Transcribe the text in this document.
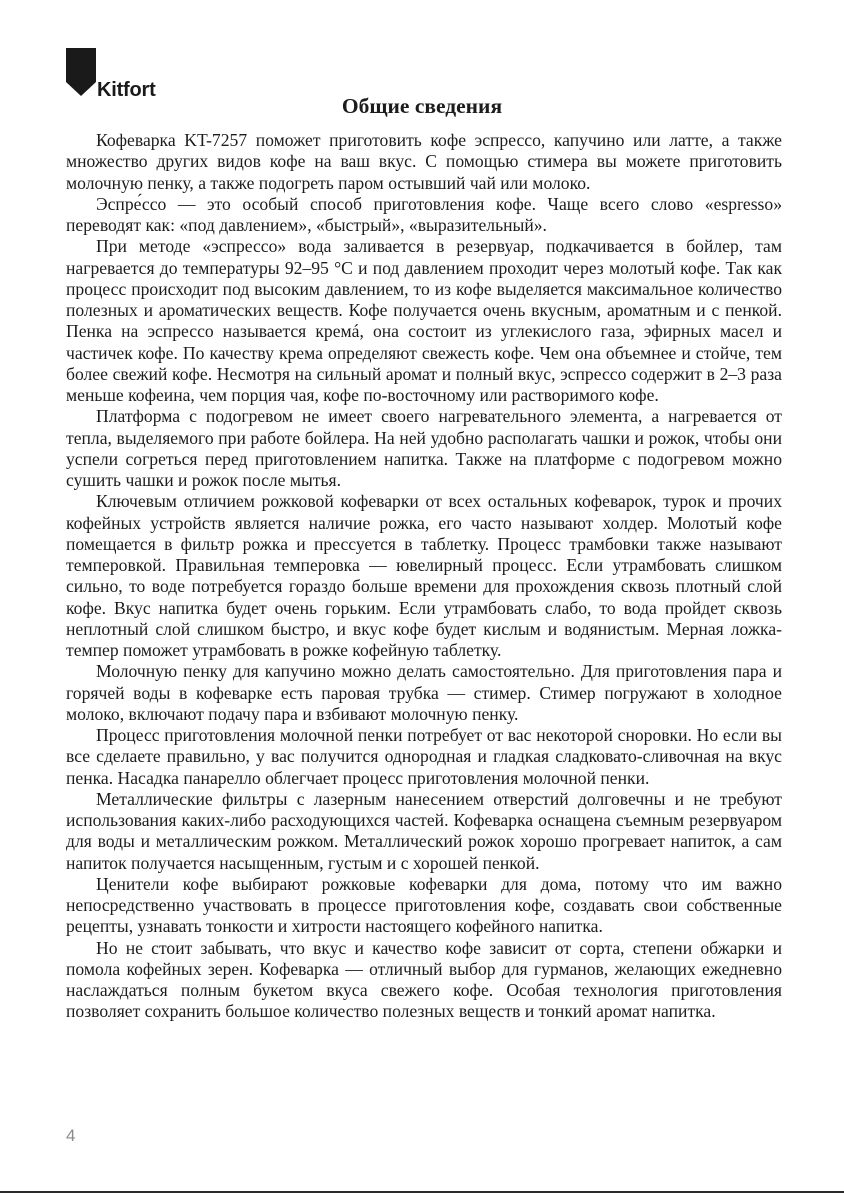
Kitfort
Общие сведения

Кофеварка KT-7257 поможет приготовить кофе эспрессо, капучино или латте, а также множество других видов кофе на ваш вкус. С помощью стимера вы можете приготовить молочную пенку, а также подогреть паром остывший чай или молоко.

Эспре́ссо — это особый способ приготовления кофе. Чаще всего слово «espresso» переводят как: «под давлением», «быстрый», «выразительный».

При методе «эспрессо» вода заливается в резервуар, подкачивается в бойлер, там нагревается до температуры 92–95 °C и под давлением проходит через молотый кофе. Так как процесс происходит под высоким давлением, то из кофе выделяется максимальное количество полезных и ароматических веществ. Кофе получается очень вкусным, ароматным и с пенкой. Пенка на эспрессо называется кремá, она состоит из углекислого газа, эфирных масел и частичек кофе. По качеству крема определяют свежесть кофе. Чем она объемнее и стойче, тем более свежий кофе. Несмотря на сильный аромат и полный вкус, эспрессо содержит в 2–3 раза меньше кофеина, чем порция чая, кофе по-восточному или растворимого кофе.

Платформа с подогревом не имеет своего нагревательного элемента, а нагревается от тепла, выделяемого при работе бойлера. На ней удобно располагать чашки и рожок, чтобы они успели согреться перед приготовлением напитка. Также на платформе с подогревом можно сушить чашки и рожок после мытья.

Ключевым отличием рожковой кофеварки от всех остальных кофеварок, турок и прочих кофейных устройств является наличие рожка, его часто называют холдер. Молотый кофе помещается в фильтр рожка и прессуется в таблетку. Процесс трамбовки также называют темперовкой. Правильная темперовка — ювелирный процесс. Если утрамбовать слишком сильно, то воде потребуется гораздо больше времени для прохождения сквозь плотный слой кофе. Вкус напитка будет очень горьким. Если утрамбовать слабо, то вода пройдет сквозь неплотный слой слишком быстро, и вкус кофе будет кислым и водянистым. Мерная ложка-темпер поможет утрамбовать в рожке кофейную таблетку.

Молочную пенку для капучино можно делать самостоятельно. Для приготовления пара и горячей воды в кофеварке есть паровая трубка — стимер. Стимер погружают в холодное молоко, включают подачу пара и взбивают молочную пенку.

Процесс приготовления молочной пенки потребует от вас некоторой сноровки. Но если вы все сделаете правильно, у вас получится однородная и гладкая сладковато-сливочная на вкус пенка. Насадка панарелло облегчает процесс приготовления молочной пенки.

Металлические фильтры с лазерным нанесением отверстий долговечны и не требуют использования каких-либо расходующихся частей. Кофеварка оснащена съемным резервуаром для воды и металлическим рожком. Металлический рожок хорошо прогревает напиток, а сам напиток получается насыщенным, густым и с хорошей пенкой.

Ценители кофе выбирают рожковые кофеварки для дома, потому что им важно непосредственно участвовать в процессе приготовления кофе, создавать свои собственные рецепты, узнавать тонкости и хитрости настоящего кофейного напитка.

Но не стоит забывать, что вкус и качество кофе зависит от сорта, степени обжарки и помола кофейных зерен. Кофеварка — отличный выбор для гурманов, желающих ежедневно наслаждаться полным букетом вкуса свежего кофе. Особая технология приготовления позволяет сохранить большое количество полезных веществ и тонкий аромат напитка.

4
